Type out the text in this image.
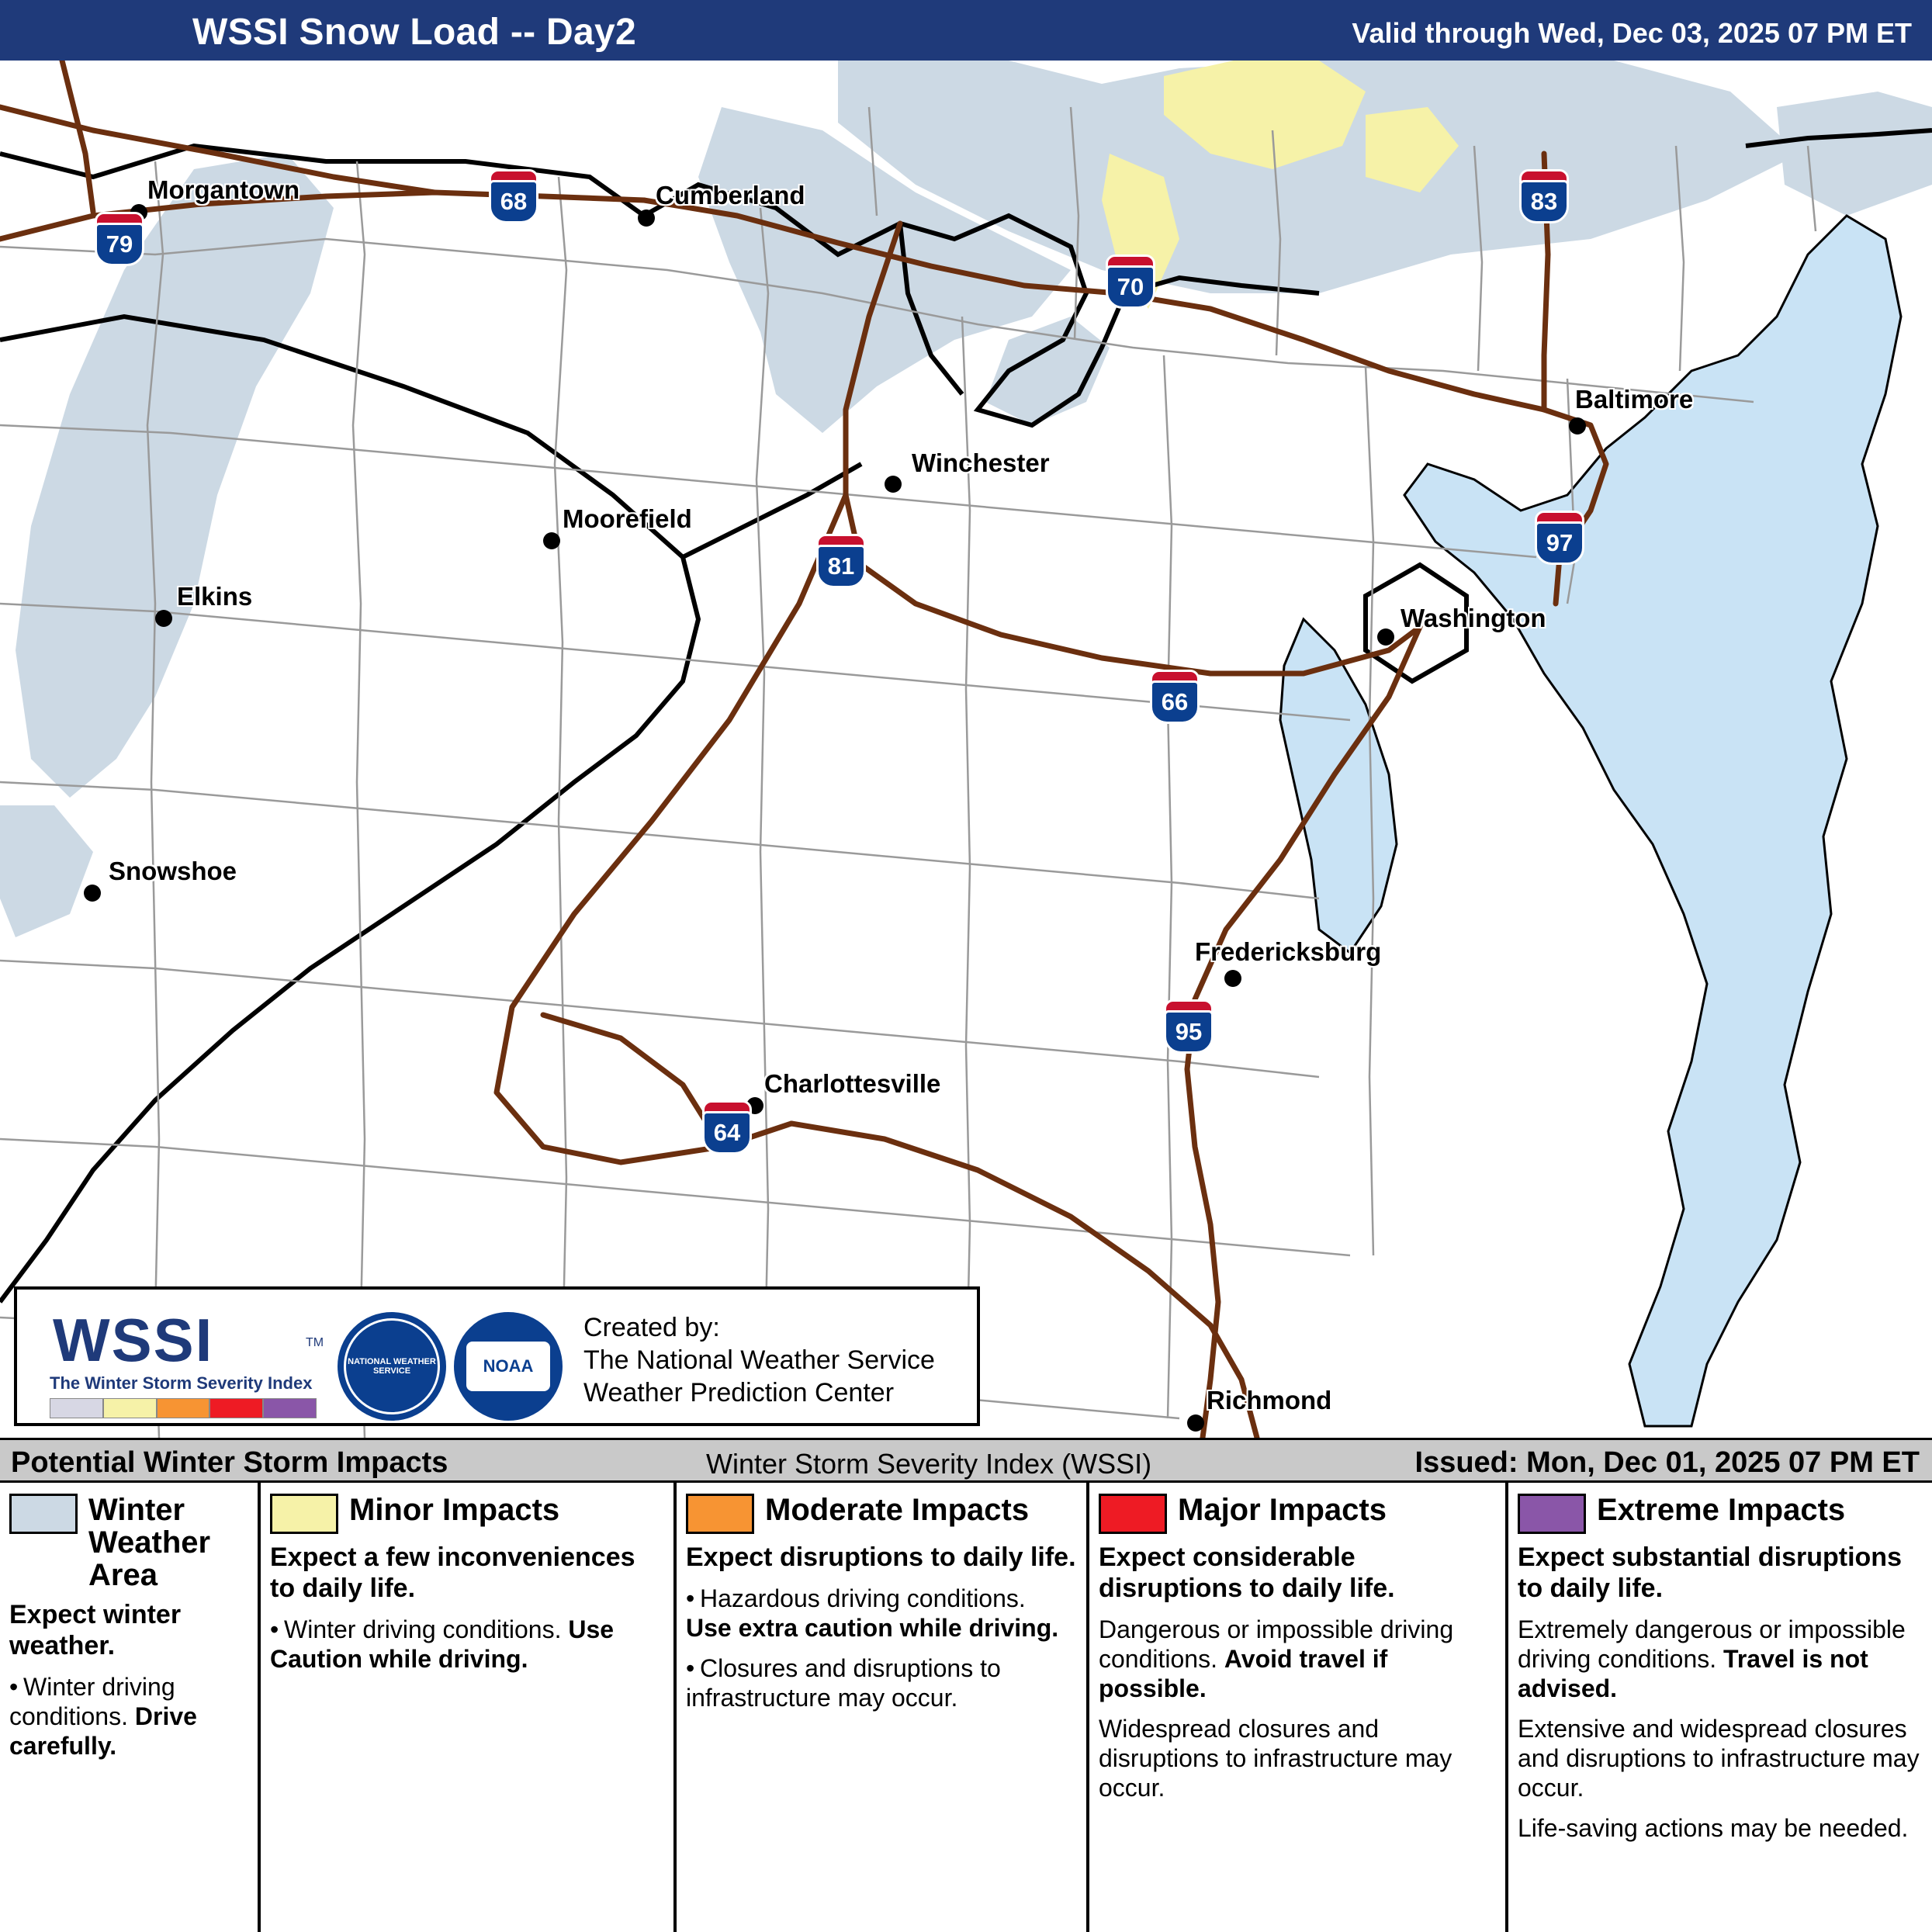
WSSI Snow Load -- Day2	Valid through Wed, Dec 03, 2025 07 PM ET
Morgantown	Cumberland
Moorefield
Winchester
Baltimore
Elkins
Washington
Snowshoe
Fredericksburg
Charlottesville
Richmond
79
68
70
83
81
97
66
95
64
WSSI	TM
The Winter Storm Severity Index
NATIONAL WEATHER SERVICE	NOAA
Created by:
The National Weather Service
Weather Prediction Center
Potential Winter Storm Impacts	Winter Storm Severity Index (WSSI)	Issued: Mon, Dec 01, 2025 07 PM ET
Winter Weather Area
Expect winter weather.
• Winter driving conditions. Drive carefully.
Minor Impacts
Expect a few inconveniences to daily life.
• Winter driving conditions. Use Caution while driving.
Moderate Impacts
Expect disruptions to daily life.
• Hazardous driving conditions. Use extra caution while driving.
• Closures and disruptions to infrastructure may occur.
Major Impacts
Expect considerable disruptions to daily life.
Dangerous or impossible driving conditions. Avoid travel if possible.
Widespread closures and disruptions to infrastructure may occur.
Extreme Impacts
Expect substantial disruptions to daily life.
Extremely dangerous or impossible driving conditions. Travel is not advised.
Extensive and widespread closures and disruptions to infrastructure may occur.
Life-saving actions may be needed.
